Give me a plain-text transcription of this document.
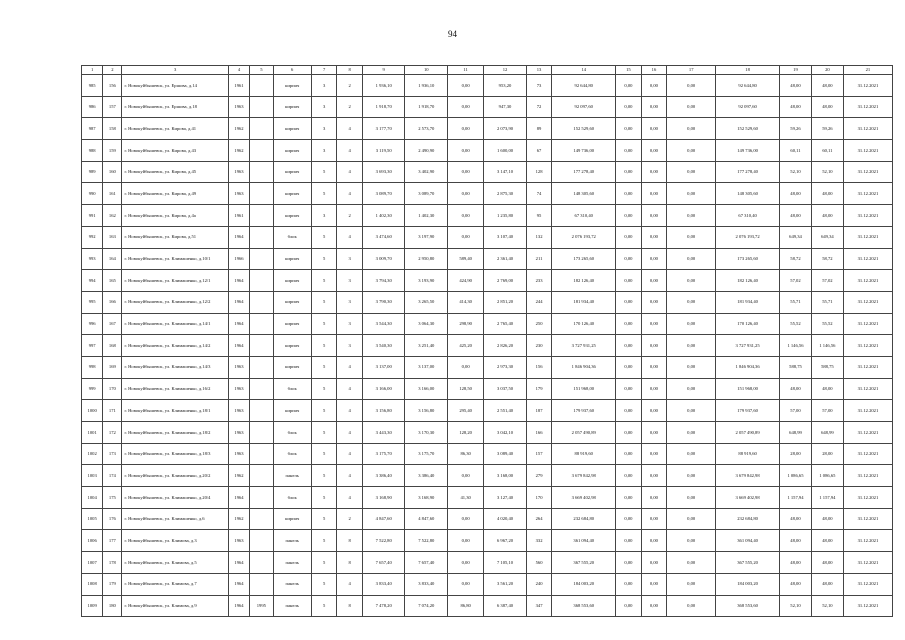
94
1	2	3	4	5	6	7	8	9	10	11	12	13	14	15	16	17	18	19	20	21
985	156	г. Новокуйбышевск, ул. Ершова, д.14	1961		кирпич	3	2	1 936,10	1 936,10	0,00	953,20	73	92 644,80	0,00	0,00	0,00	92 644,80	48,00	48,00	31.12.2021
986	157	г. Новокуйбышевск, ул. Ершова, д.18	1963		кирпич	3	2	1 918,70	1 918,70	0,00	947,30	72	92 097,60	0,00	0,00	0,00	92 097,60	48,00	48,00	31.12.2021
987	158	г. Новокуйбышевск, ул. Кирова, д.41	1962		кирпич	3	4	3 177,70	2 573,70	0,00	2 073,90	89	152 529,60	0,00	0,00	0,00	152 529,60	59,26	59,26	31.12.2021
988	159	г. Новокуйбышевск, ул. Кирова, д.43	1962		кирпич	3	4	3 119,50	2 490,90	0,00	1 600,00	67	149 736,00	0,00	0,00	0,00	149 736,00	60,11	60,11	31.12.2021
989	160	г. Новокуйбышевск, ул. Кирова, д.45	1963		кирпич	5	4	3 693,30	3 402,90	0,00	3 147,10	128	177 278,40	0,00	0,00	0,00	177 278,40	52,10	52,10	31.12.2021
990	161	г. Новокуйбышевск, ул. Кирова, д.49	1963		кирпич	5	4	3 089,70	3 089,70	0,00	2 875,30	74	148 305,60	0,00	0,00	0,00	148 305,60	48,00	48,00	31.12.2021
991	162	г. Новокуйбышевск, ул. Кирова, д.4а	1961		кирпич	3	2	1 402,30	1 402,30	0,00	1 235,80	95	67 310,40	0,00	0,00	0,00	67 310,40	48,00	48,00	31.12.2021
992	163	г. Новокуйбышевск, ул. Кирова, д.51	1964		блок	5	4	3 474,60	3 197,90	0,00	3 107,40	132	2 076 193,72	0,00	0,00	0,00	2 076 193,72	649,34	649,34	31.12.2021
993	164	г. Новокуйбышевск, ул. Климашенко, д.10/1	1966		кирпич	5	3	3 009,70	2 950,80	589,40	2 361,40	211	173 265,60	0,00	0,00	0,00	173 265,60	58,72	58,72	31.12.2021
994	165	г. Новокуйбышевск, ул. Климашенко, д.12/1	1964		кирпич	5	3	3 794,30	3 193,90	424,90	2 769,00	233	182 126,40	0,00	0,00	0,00	182 126,40	57,02	57,02	31.12.2021
995	166	г. Новокуйбышевск, ул. Климашенко, д.12/2	1964		кирпич	5	3	3 790,30	3 265,50	414,30	2 851,20	244	181 934,40	0,00	0,00	0,00	181 934,40	55,71	55,71	31.12.2021
996	167	г. Новокуйбышевск, ул. Климашенко, д.14/1	1964		кирпич	5	3	3 544,30	3 064,30	298,90	2 765,40	250	170 126,40	0,00	0,00	0,00	170 126,40	55,52	55,52	31.12.2021
997	168	г. Новокуйбышевск, ул. Климашенко, д.14/2	1964		кирпич	5	3	3 540,30	3 251,40	425,20	2 826,20	230	3 727 931,25	0,00	0,00	0,00	3 727 931,25	1 146,56	1 146,56	31.12.2021
998	169	г. Новокуйбышевск, ул. Климашенко, д.14/3	1963		кирпич	5	4	3 137,00	3 137,00	0,00	2 973,30	156	1 846 904,36	0,00	0,00	0,00	1 846 904,36	588,75	588,75	31.12.2021
999	170	г. Новокуйбышевск, ул. Климашенко, д.16/2	1963		блок	5	4	3 166,00	3 166,00	128,50	3 037,50	179	151 968,00	0,00	0,00	0,00	151 968,00	48,00	48,00	31.12.2021
1000	171	г. Новокуйбышевск, ул. Климашенко, д.18/1	1963		кирпич	5	4	3 156,80	3 156,80	295,40	2 551,40	187	179 937,60	0,00	0,00	0,00	179 937,60	57,00	57,00	31.12.2021
1001	172	г. Новокуйбышевск, ул. Климашенко, д.18/2	1963		блок	5	4	3 443,30	3 170,30	128,20	3 042,10	166	2 057 490,89	0,00	0,00	0,00	2 057 490,89	648,99	648,99	31.12.2021
1002	173	г. Новокуйбышевск, ул. Климашенко, д.18/3	1963		блок	5	4	3 175,70	3 175,70	86,30	3 089,40	157	88 919,60	0,00	0,00	0,00	88 919,60	28,00	28,00	31.12.2021
1003	174	г. Новокуйбышевск, ул. Климашенко, д.20/2	1962		панель	5	4	3 386,40	3 386,40	0,00	3 168,00	279	3 679 842,98	0,00	0,00	0,00	3 679 842,98	1 086,65	1 086,65	31.12.2021
1004	175	г. Новокуйбышевск, ул. Климашенко, д.20/4	1964		блок	5	4	3 168,90	3 168,90	41,30	3 127,40	170	3 669 402,98	0,00	0,00	0,00	3 669 402,98	1 157,94	1 157,94	31.12.2021
1005	176	г. Новокуйбышевск, ул. Климашенко, д.6	1962		кирпич	5	2	4 847,60	4 847,60	0,00	4 020,40	264	232 684,80	0,00	0,00	0,00	232 684,80	48,00	48,00	31.12.2021
1006	177	г. Новокуйбышевск, ул. Климова, д.3	1963		панель	5	8	7 522,80	7 522,80	0,00	6 967,20	332	361 094,40	0,00	0,00	0,00	361 094,40	48,00	48,00	31.12.2021
1007	178	г. Новокуйбышевск, ул. Климова, д.5	1964		панель	5	8	7 657,40	7 657,40	0,00	7 105,10	560	367 555,20	0,00	0,00	0,00	367 555,20	48,00	48,00	31.12.2021
1008	179	г. Новокуйбышевск, ул. Климова, д.7	1964		панель	5	4	3 833,40	3 833,40	0,00	3 561,20	240	184 003,20	0,00	0,00	0,00	184 003,20	48,00	48,00	31.12.2021
1009	180	г. Новокуйбышевск, ул. Климова, д.9	1964	1995	панель	5	8	7 478,20	7 074,20	86,80	6 387,40	347	368 553,60	0,00	0,00	0,00	368 553,60	52,10	52,10	31.12.2021
